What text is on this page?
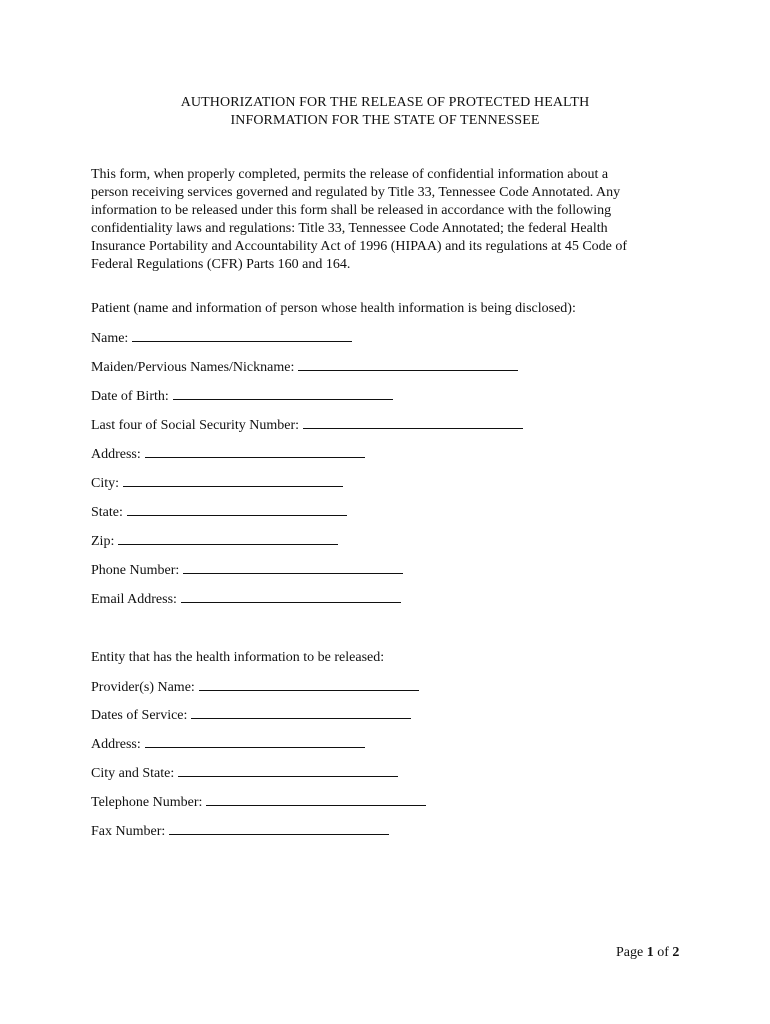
AUTHORIZATION FOR THE RELEASE OF PROTECTED HEALTH
INFORMATION FOR THE STATE OF TENNESSEE
This form, when properly completed, permits the release of confidential information about a
person receiving services governed and regulated by Title 33, Tennessee Code Annotated. Any
information to be released under this form shall be released in accordance with the following
confidentiality laws and regulations: Title 33, Tennessee Code Annotated; the federal Health
Insurance Portability and Accountability Act of 1996 (HIPAA) and its regulations at 45 Code of
Federal Regulations (CFR) Parts 160 and 164.
Patient (name and information of person whose health information is being disclosed):
Name:
Maiden/Pervious Names/Nickname:
Date of Birth:
Last four of Social Security Number:
Address:
City:
State:
Zip:
Phone Number:
Email Address:
Entity that has the health information to be released:
Provider(s) Name:
Dates of Service:
Address:
City and State:
Telephone Number:
Fax Number:
Page 1 of 2
